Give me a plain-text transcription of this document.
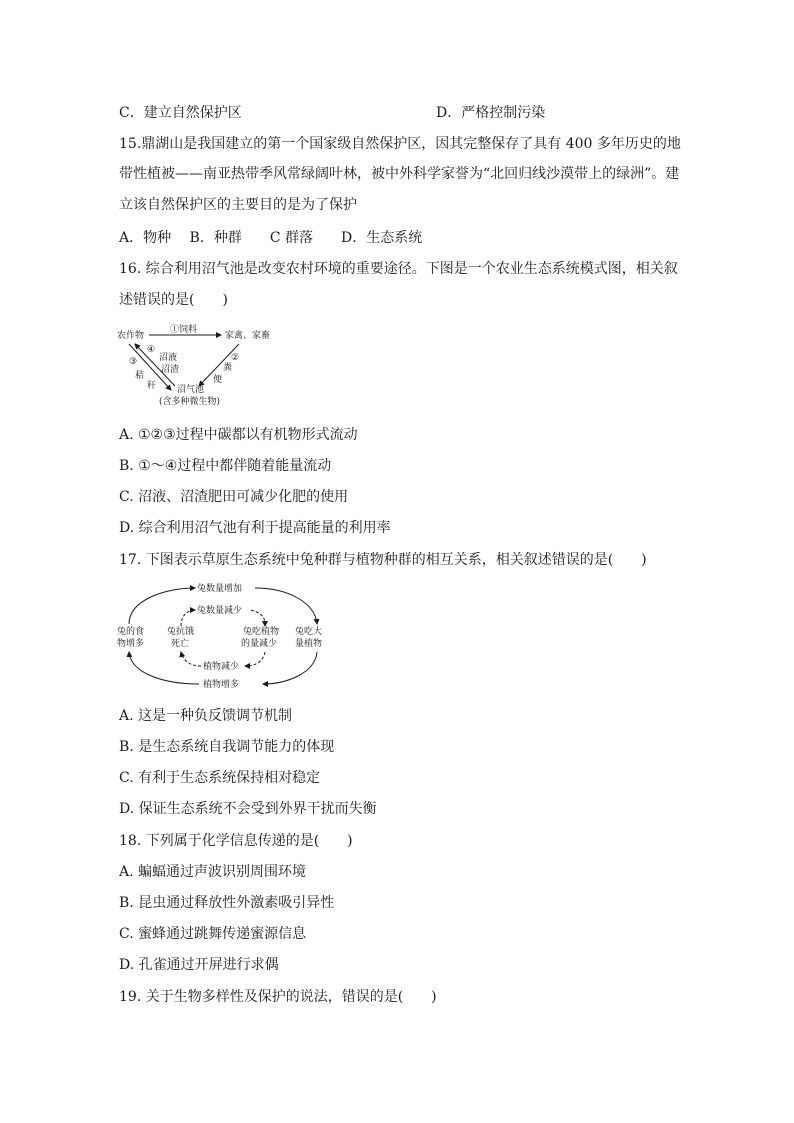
C．建立自然保护区	D．严格控制污染
15.鼎湖山是我国建立的第一个国家级自然保护区，因其完整保存了具有 400 多年历史的地
带性植被——南亚热带季风常绿阔叶林，被中外科学家誉为“北回归线沙漠带上的绿洲”。建
立该自然保护区的主要目的是为了保护
A．物种　 B．种群　　C 群落　　D．生态系统
16. 综合利用沼气池是改变农村环境的重要途径。下图是一个农业生态系统模式图，相关叙
述错误的是(　　)
农作物
①饲料
家禽、家畜
④
沼液
沼渣
③
秸
秆
②
粪
便
沼气池
(含多种微生物)
A. ①②③过程中碳都以有机物形式流动
B. ①～④过程中都伴随着能量流动
C. 沼液、沼渣肥田可减少化肥的使用
D. 综合利用沼气池有利于提高能量的利用率
17. 下图表示草原生态系统中兔种群与植物种群的相互关系，相关叙述错误的是(　　)
兔数量增加
兔数量减少
兔的食
物增多
兔抗饿
死亡
兔吃植物
的量减少
兔吃大
量植物
植物减少
植物增多
A. 这是一种负反馈调节机制
B. 是生态系统自我调节能力的体现
C. 有利于生态系统保持相对稳定
D. 保证生态系统不会受到外界干扰而失衡
18. 下列属于化学信息传递的是(　　)
A. 蝙蝠通过声波识别周围环境
B. 昆虫通过释放性外激素吸引异性
C. 蜜蜂通过跳舞传递蜜源信息
D. 孔雀通过开屏进行求偶
19. 关于生物多样性及保护的说法，错误的是(　　)
